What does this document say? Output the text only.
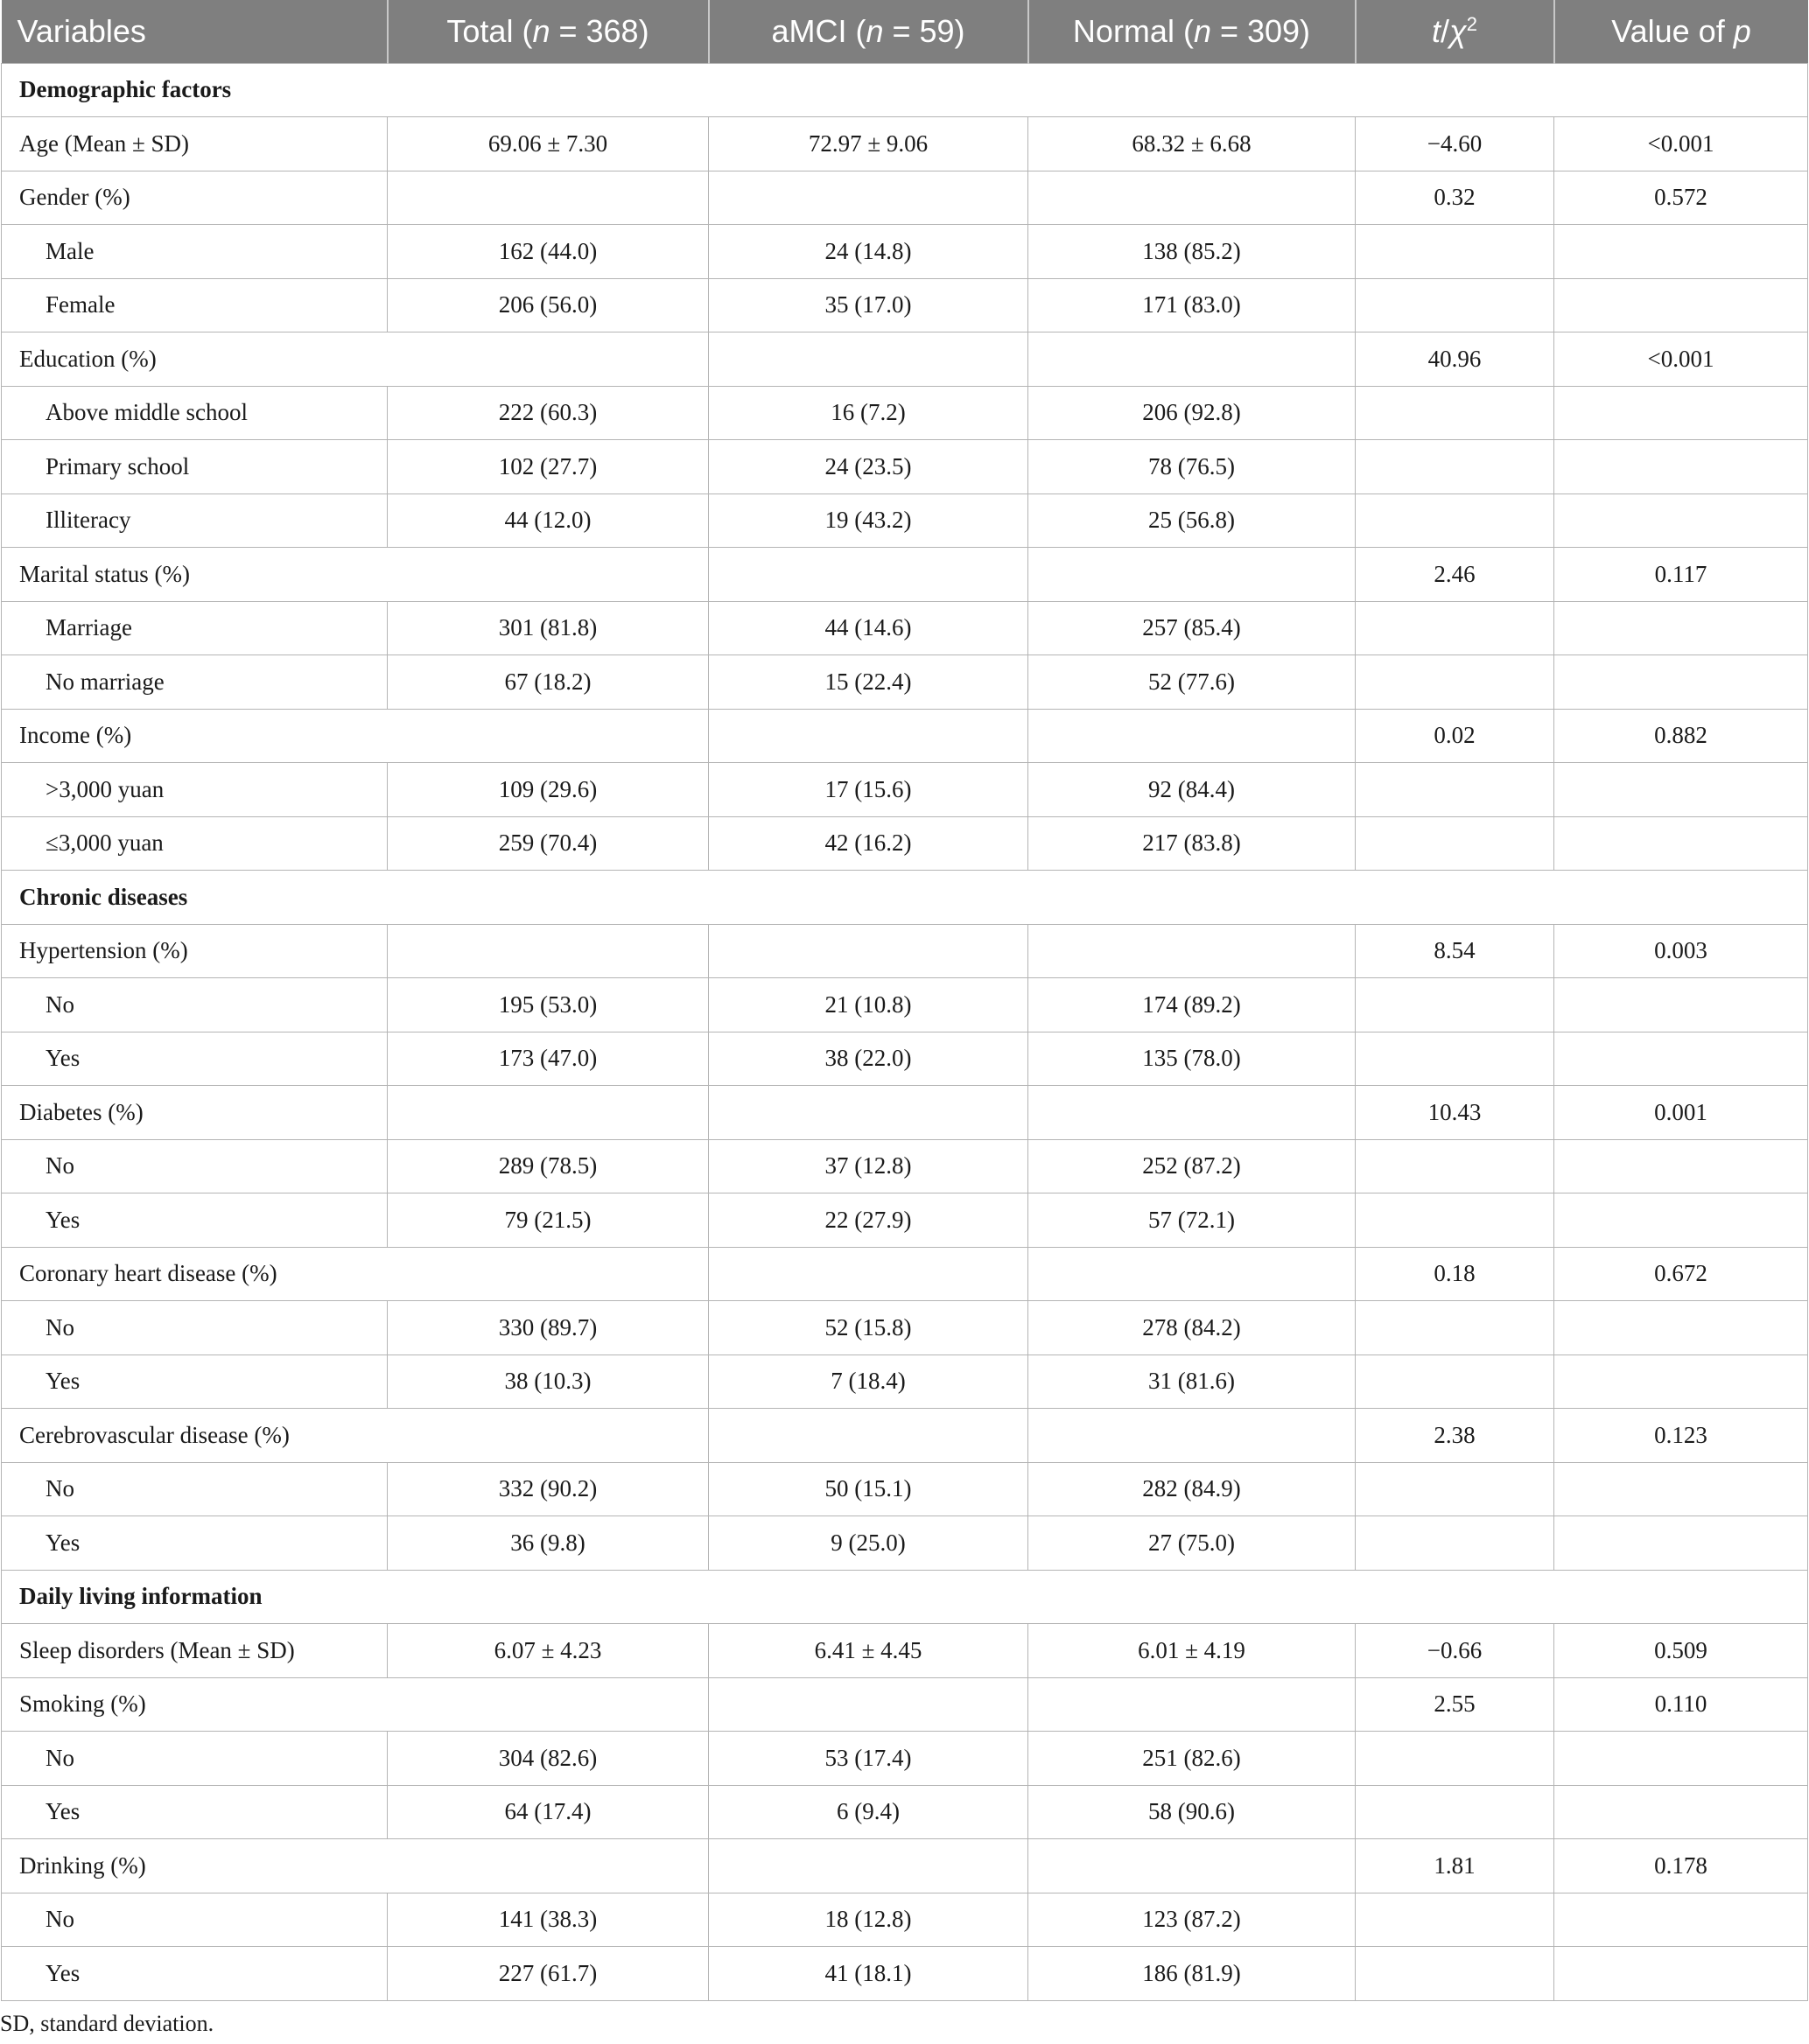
Variables	Total (n = 368)	aMCI (n = 59)	Normal (n = 309)	$t/\chi^2$	Value of p
Demographic factors					
Age (Mean ± SD)	69.06 ± 7.30	72.97 ± 9.06	68.32 ± 6.68	−4.60	<0.001
Gender (%)				0.32	0.572
Male	162 (44.0)	24 (14.8)	138 (85.2)		
Female	206 (56.0)	35 (17.0)	171 (83.0)		
Education (%)				40.96	<0.001
Above middle school	222 (60.3)	16 (7.2)	206 (92.8)		
Primary school	102 (27.7)	24 (23.5)	78 (76.5)		
Illiteracy	44 (12.0)	19 (43.2)	25 (56.8)		
Marital status (%)				2.46	0.117
Marriage	301 (81.8)	44 (14.6)	257 (85.4)		
No marriage	67 (18.2)	15 (22.4)	52 (77.6)		
Income (%)				0.02	0.882
>3,000 yuan	109 (29.6)	17 (15.6)	92 (84.4)		
≤3,000 yuan	259 (70.4)	42 (16.2)	217 (83.8)		
Chronic diseases					
Hypertension (%)				8.54	0.003
No	195 (53.0)	21 (10.8)	174 (89.2)		
Yes	173 (47.0)	38 (22.0)	135 (78.0)		
Diabetes (%)				10.43	0.001
No	289 (78.5)	37 (12.8)	252 (87.2)		
Yes	79 (21.5)	22 (27.9)	57 (72.1)		
Coronary heart disease (%)				0.18	0.672
No	330 (89.7)	52 (15.8)	278 (84.2)		
Yes	38 (10.3)	7 (18.4)	31 (81.6)		
Cerebrovascular disease (%)				2.38	0.123
No	332 (90.2)	50 (15.1)	282 (84.9)		
Yes	36 (9.8)	9 (25.0)	27 (75.0)		
Daily living information					
Sleep disorders (Mean ± SD)	6.07 ± 4.23	6.41 ± 4.45	6.01 ± 4.19	−0.66	0.509
Smoking (%)				2.55	0.110
No	304 (82.6)	53 (17.4)	251 (82.6)		
Yes	64 (17.4)	6 (9.4)	58 (90.6)		
Drinking (%)				1.81	0.178
No	141 (38.3)	18 (12.8)	123 (87.2)		
Yes	227 (61.7)	41 (18.1)	186 (81.9)		
SD, standard deviation.
